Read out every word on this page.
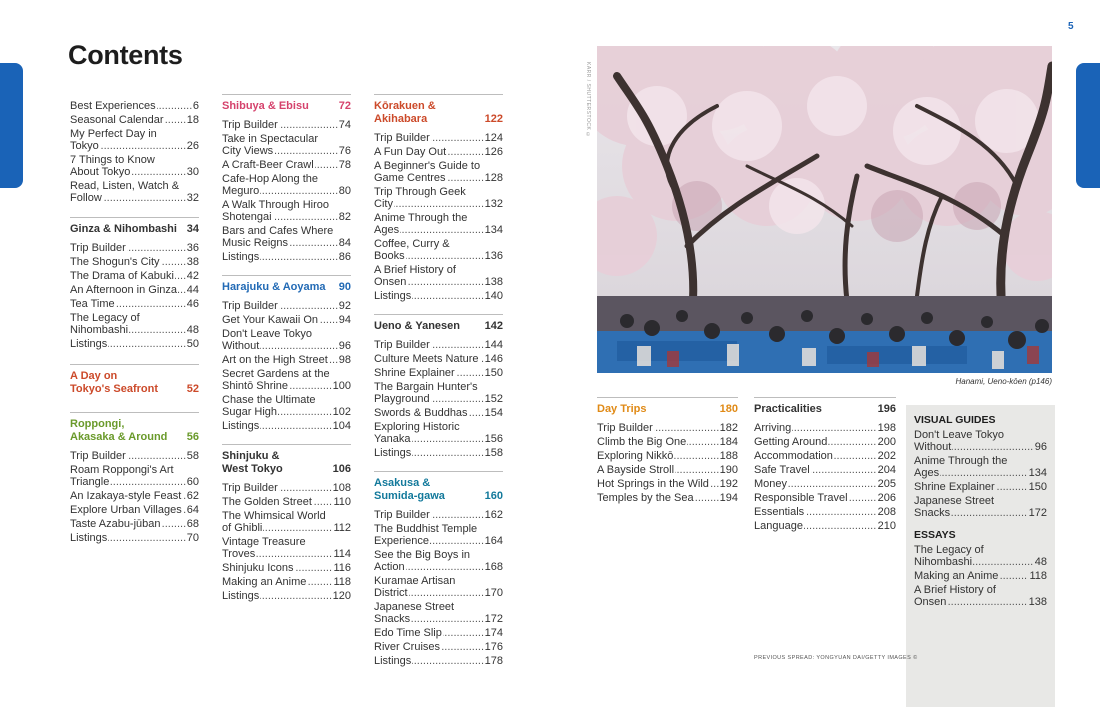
5
Contents
Best Experiences .....	6
Seasonal Calendar .....	18
My Perfect Day in Tokyo .....	26
7 Things to Know About Tokyo .....	30
Read, Listen, Watch & Follow .....	32
Ginza & Nihombashi 34
Trip Builder .....	36
The Shogun's City .....	38
The Drama of Kabuki .....	42
An Afternoon in Ginza ..... 44
Tea Time .....	46
The Legacy of Nihombashi .....	48
Listings .....	50
A Day on
Tokyo's Seafront	52
Roppongi,
Akasaka & Around 56
Trip Builder .....	58
Roam Roppongi's Art Triangle .....	60
An Izakaya-style Feast ..... 62
Explore Urban Villages ..... 64
Taste Azabu-jūban .....	68
Listings .....	70
Shibuya & Ebisu	72
Trip Builder .....	74
Take in Spectacular City Views .....	76
A Craft-Beer Crawl .....	78
Cafe-Hop Along the Meguro .....	80
A Walk Through Hiroo Shotengai .....	82
Bars and Cafes Where Music Reigns .....	84
Listings .....	86
Harajuku & Aoyama 90
Trip Builder .....	92
Get Your Kawaii On .....	94
Don't Leave Tokyo Without .....	96
Art on the High Street ..... 98
Secret Gardens at the Shintō Shrine .....	100
Chase the Ultimate Sugar High .....	102
Listings .....	104
Shinjuku &
West Tokyo	106
Trip Builder .....	108
The Golden Street .....	110
The Whimsical World of Ghibli .....	112
Vintage Treasure Troves .....	114
Shinjuku Icons .....	116
Making an Anime .....	118
Listings .....	120
Kōrakuen &
Akihabara	122
Trip Builder .....	124
A Fun Day Out .....	126
A Beginner's Guide to Game Centres .....	128
Trip Through Geek City .....	132
Anime Through the Ages .....	134
Coffee, Curry & Books .....	136
A Brief History of Onsen .....	138
Listings .....	140
Ueno & Yanesen 142
Trip Builder .....	144
Culture Meets Nature ..... 146
Shrine Explainer .....	150
The Bargain Hunter's Playground .....	152
Swords & Buddhas .....	154
Exploring Historic Yanaka .....	156
Listings .....	158
Asakusa &
Sumida-gawa	160
Trip Builder .....	162
The Buddhist Temple Experience .....	164
See the Big Boys in Action .....	168
Kuramae Artisan District .....	170
Japanese Street Snacks .....	172
Edo Time Slip .....	174
River Cruises .....	176
Listings .....	178
KARR / SHUTTERSTOCK ©
Hanami, Ueno-kōen (p146)
Day Trips	180
Trip Builder .....	182
Climb the Big One .....	184
Exploring Nikkō .....	188
A Bayside Stroll .....	190
Hot Springs in the Wild ..... 192
Temples by the Sea .....	194
Practicalities	196
Arriving .....	198
Getting Around .....	200
Accommodation .....	202
Safe Travel .....	204
Money .....	205
Responsible Travel .....	206
Essentials .....	208
Language .....	210
VISUAL GUIDES
Don't Leave Tokyo Without .....	96
Anime Through the Ages .....	134
Shrine Explainer .....	150
Japanese Street Snacks .....	172
ESSAYS
The Legacy of Nihombashi .....	48
Making an Anime .....	118
A Brief History of Onsen .....	138
PREVIOUS SPREAD: YONGYUAN DAI/GETTY IMAGES ©
